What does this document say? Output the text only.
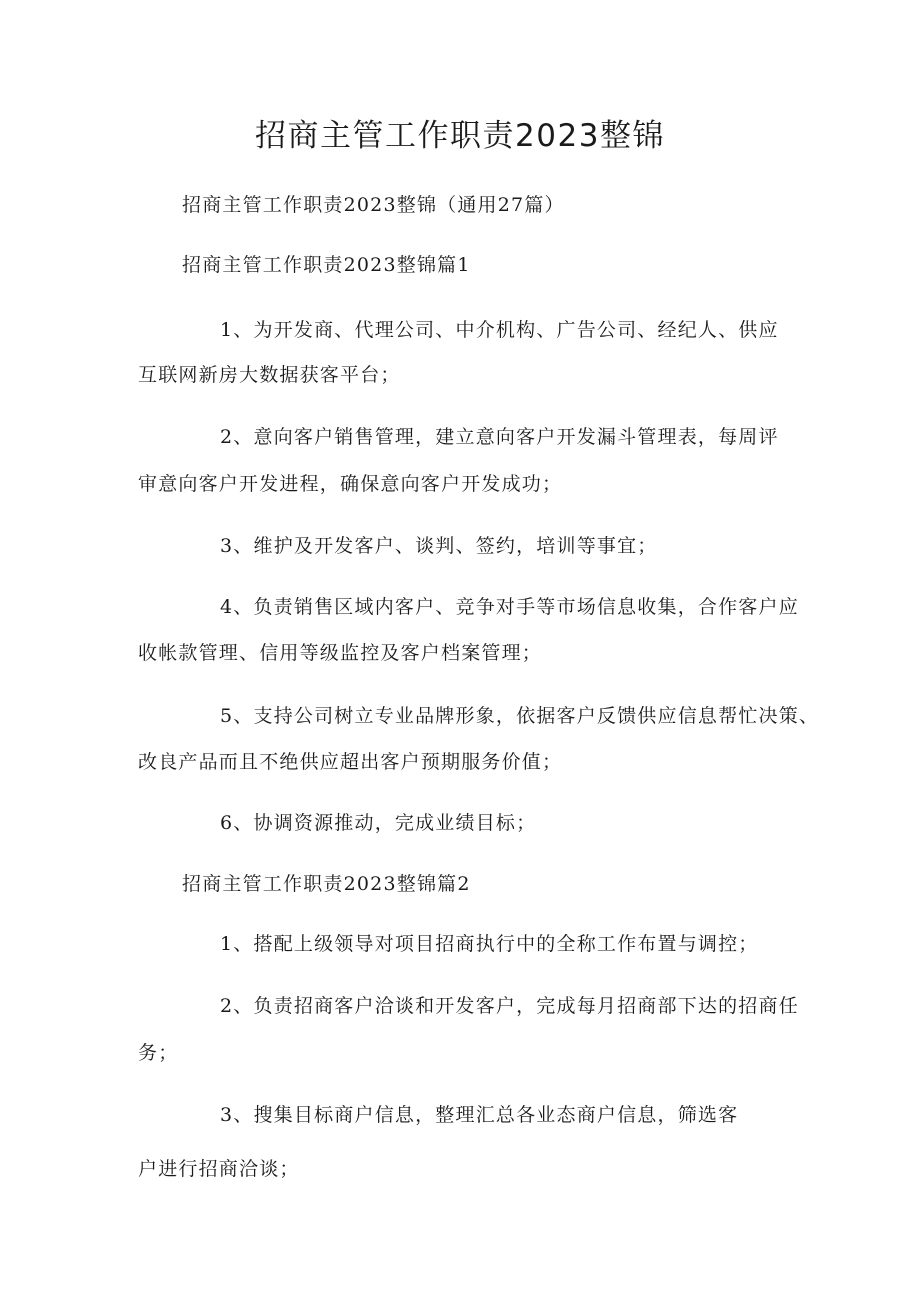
招商主管工作职责2023整锦

招商主管工作职责2023整锦（通用27篇）

招商主管工作职责2023整锦篇1

1、为开发商、代理公司、中介机构、广告公司、经纪人、供应

互联网新房大数据获客平台；

2、意向客户销售管理，建立意向客户开发漏斗管理表，每周评

审意向客户开发进程，确保意向客户开发成功；

3、维护及开发客户、谈判、签约，培训等事宜；

4、负责销售区域内客户、竞争对手等市场信息收集，合作客户应

收帐款管理、信用等级监控及客户档案管理；

5、支持公司树立专业品牌形象，依据客户反馈供应信息帮忙决策、

改良产品而且不绝供应超出客户预期服务价值；

6、协调资源推动，完成业绩目标；

招商主管工作职责2023整锦篇2

1、搭配上级领导对项目招商执行中的全称工作布置与调控；

2、负责招商客户洽谈和开发客户，完成每月招商部下达的招商任

务；

3、搜集目标商户信息，整理汇总各业态商户信息，筛选客

户进行招商洽谈；
